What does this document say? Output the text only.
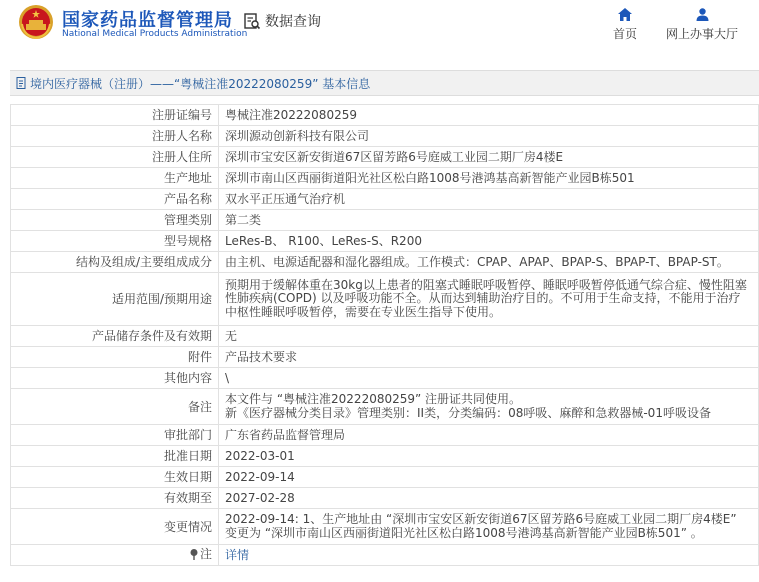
国家药品监督管理局
National Medical Products Administration
数据查询
首页	网上办事大厅
境内医疗器械（注册）——“粤械注准20222080259” 基本信息
注册证编号	粤械注准20222080259
注册人名称	深圳源动创新科技有限公司
注册人住所	深圳市宝安区新安街道67区留芳路6号庭威工业园二期厂房4楼E
生产地址	深圳市南山区西丽街道阳光社区松白路1008号港鸿基高新智能产业园B栋501
产品名称	双水平正压通气治疗机
管理类别	第二类
型号规格	LeRes-B、 R100、LeRes-S、R200
结构及组成/主要组成成分	由主机、电源适配器和湿化器组成。工作模式：CPAP、APAP、BPAP-S、BPAP-T、BPAP-ST。
适用范围/预期用途	预期用于缓解体重在30kg以上患者的阻塞式睡眠呼吸暂停、睡眠呼吸暂停低通气综合症、慢性阻塞性肺疾病(COPD) 以及呼吸功能不全。从而达到辅助治疗目的。不可用于生命支持，不能用于治疗中枢性睡眠呼吸暂停，需要在专业医生指导下使用。
产品储存条件及有效期	无
附件	产品技术要求
其他内容	\
备注	本文件与 “粤械注准20222080259” 注册证共同使用。
新《医疗器械分类目录》管理类别：II类，分类编码：08呼吸、麻醉和急救器械-01呼吸设备

审批部门	广东省药品监督管理局
批准日期	2022-03-01
生效日期	2022-09-14
有效期至	2027-02-28
变更情况	2022-09-14: 1、生产地址由 “深圳市宝安区新安街道67区留芳路6号庭威工业园二期厂房4楼E” 变更为 “深圳市南山区西丽街道阳光社区松白路1008号港鸿基高新智能产业园B栋501” 。

注	详情
